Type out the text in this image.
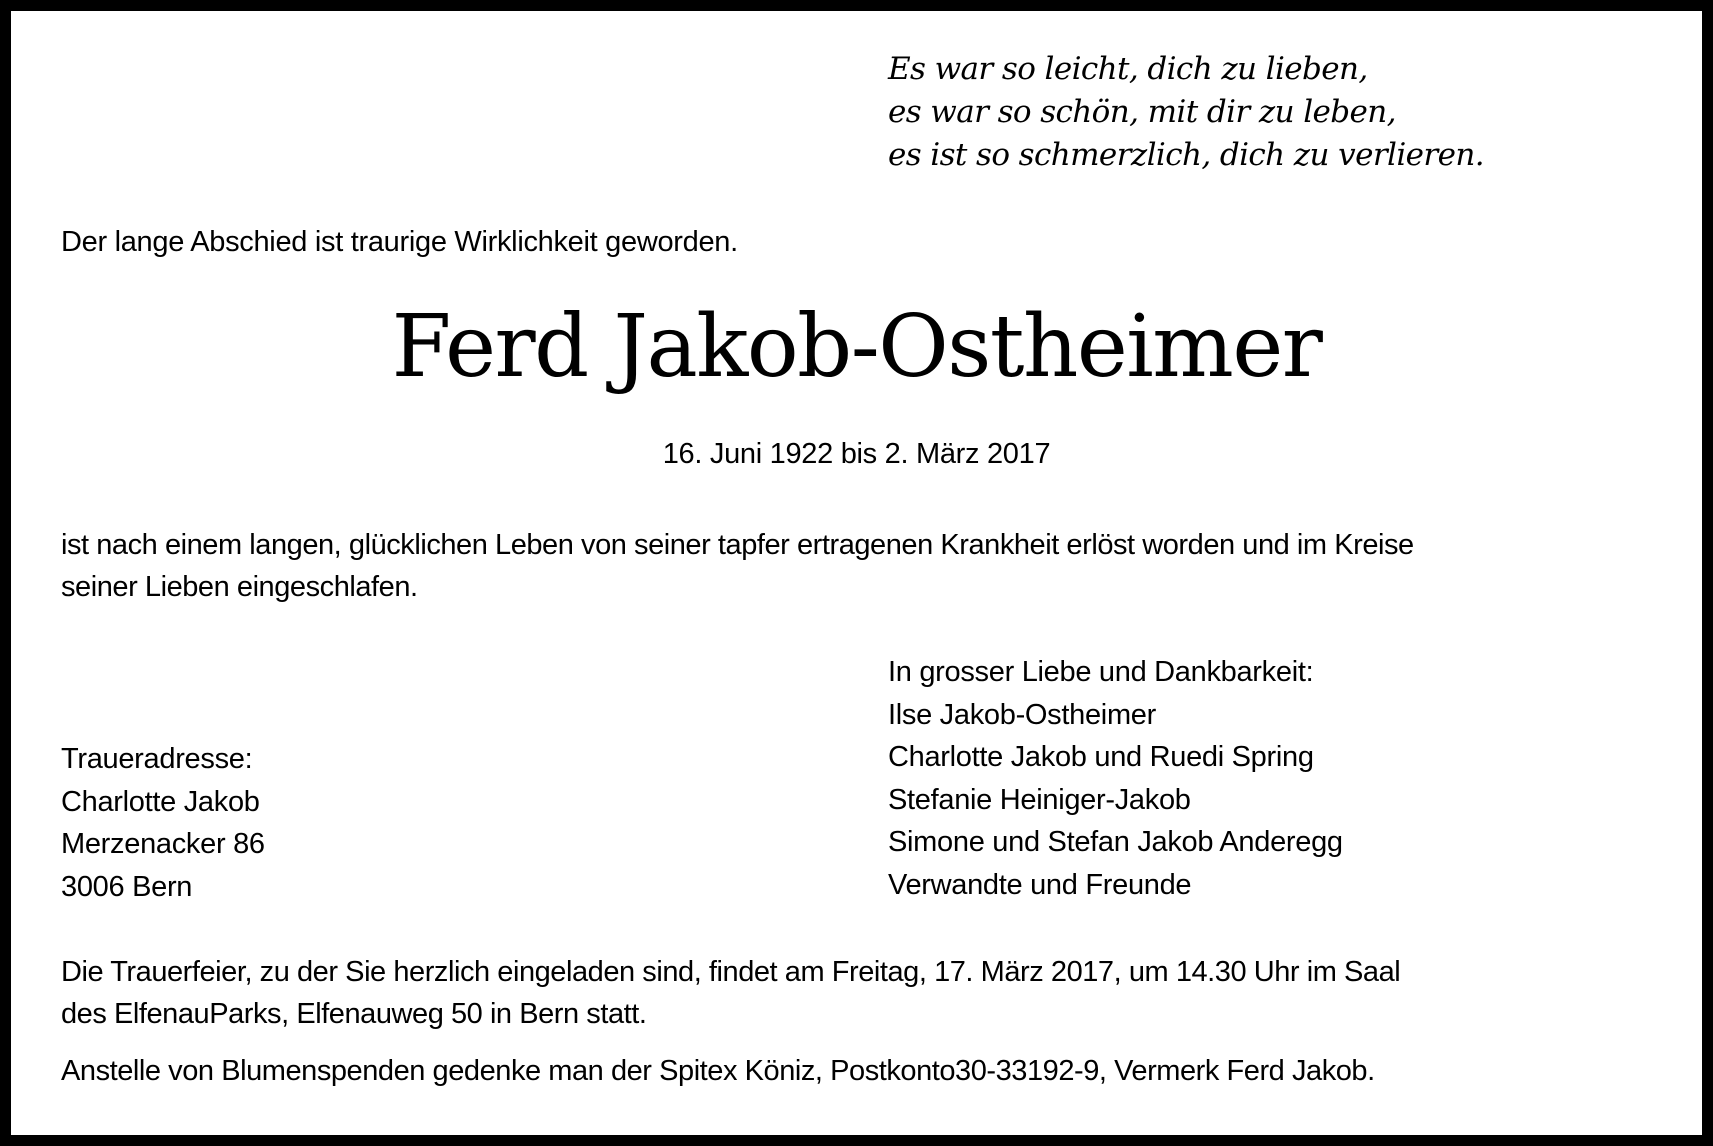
Es war so leicht, dich zu lieben,
es war so schön, mit dir zu leben,
es ist so schmerzlich, dich zu verlieren.
Der lange Abschied ist traurige Wirklichkeit geworden.
Ferd Jakob-Ostheimer
16. Juni 1922 bis 2. März 2017
ist nach einem langen, glücklichen Leben von seiner tapfer ertragenen Krankheit erlöst worden und im Kreise
seiner Lieben eingeschlafen.
In grosser Liebe und Dankbarkeit:
Ilse Jakob-Ostheimer
Charlotte Jakob und Ruedi Spring
Stefanie Heiniger-Jakob
Simone und Stefan Jakob Anderegg
Verwandte und Freunde
Traueradresse:
Charlotte Jakob
Merzenacker 86
3006 Bern
Die Trauerfeier, zu der Sie herzlich eingeladen sind, findet am Freitag, 17. März 2017, um 14.30 Uhr im Saal
des ElfenauParks, Elfenauweg 50 in Bern statt.
Anstelle von Blumenspenden gedenke man der Spitex Köniz, Postkonto30-33192-9, Vermerk Ferd Jakob.
